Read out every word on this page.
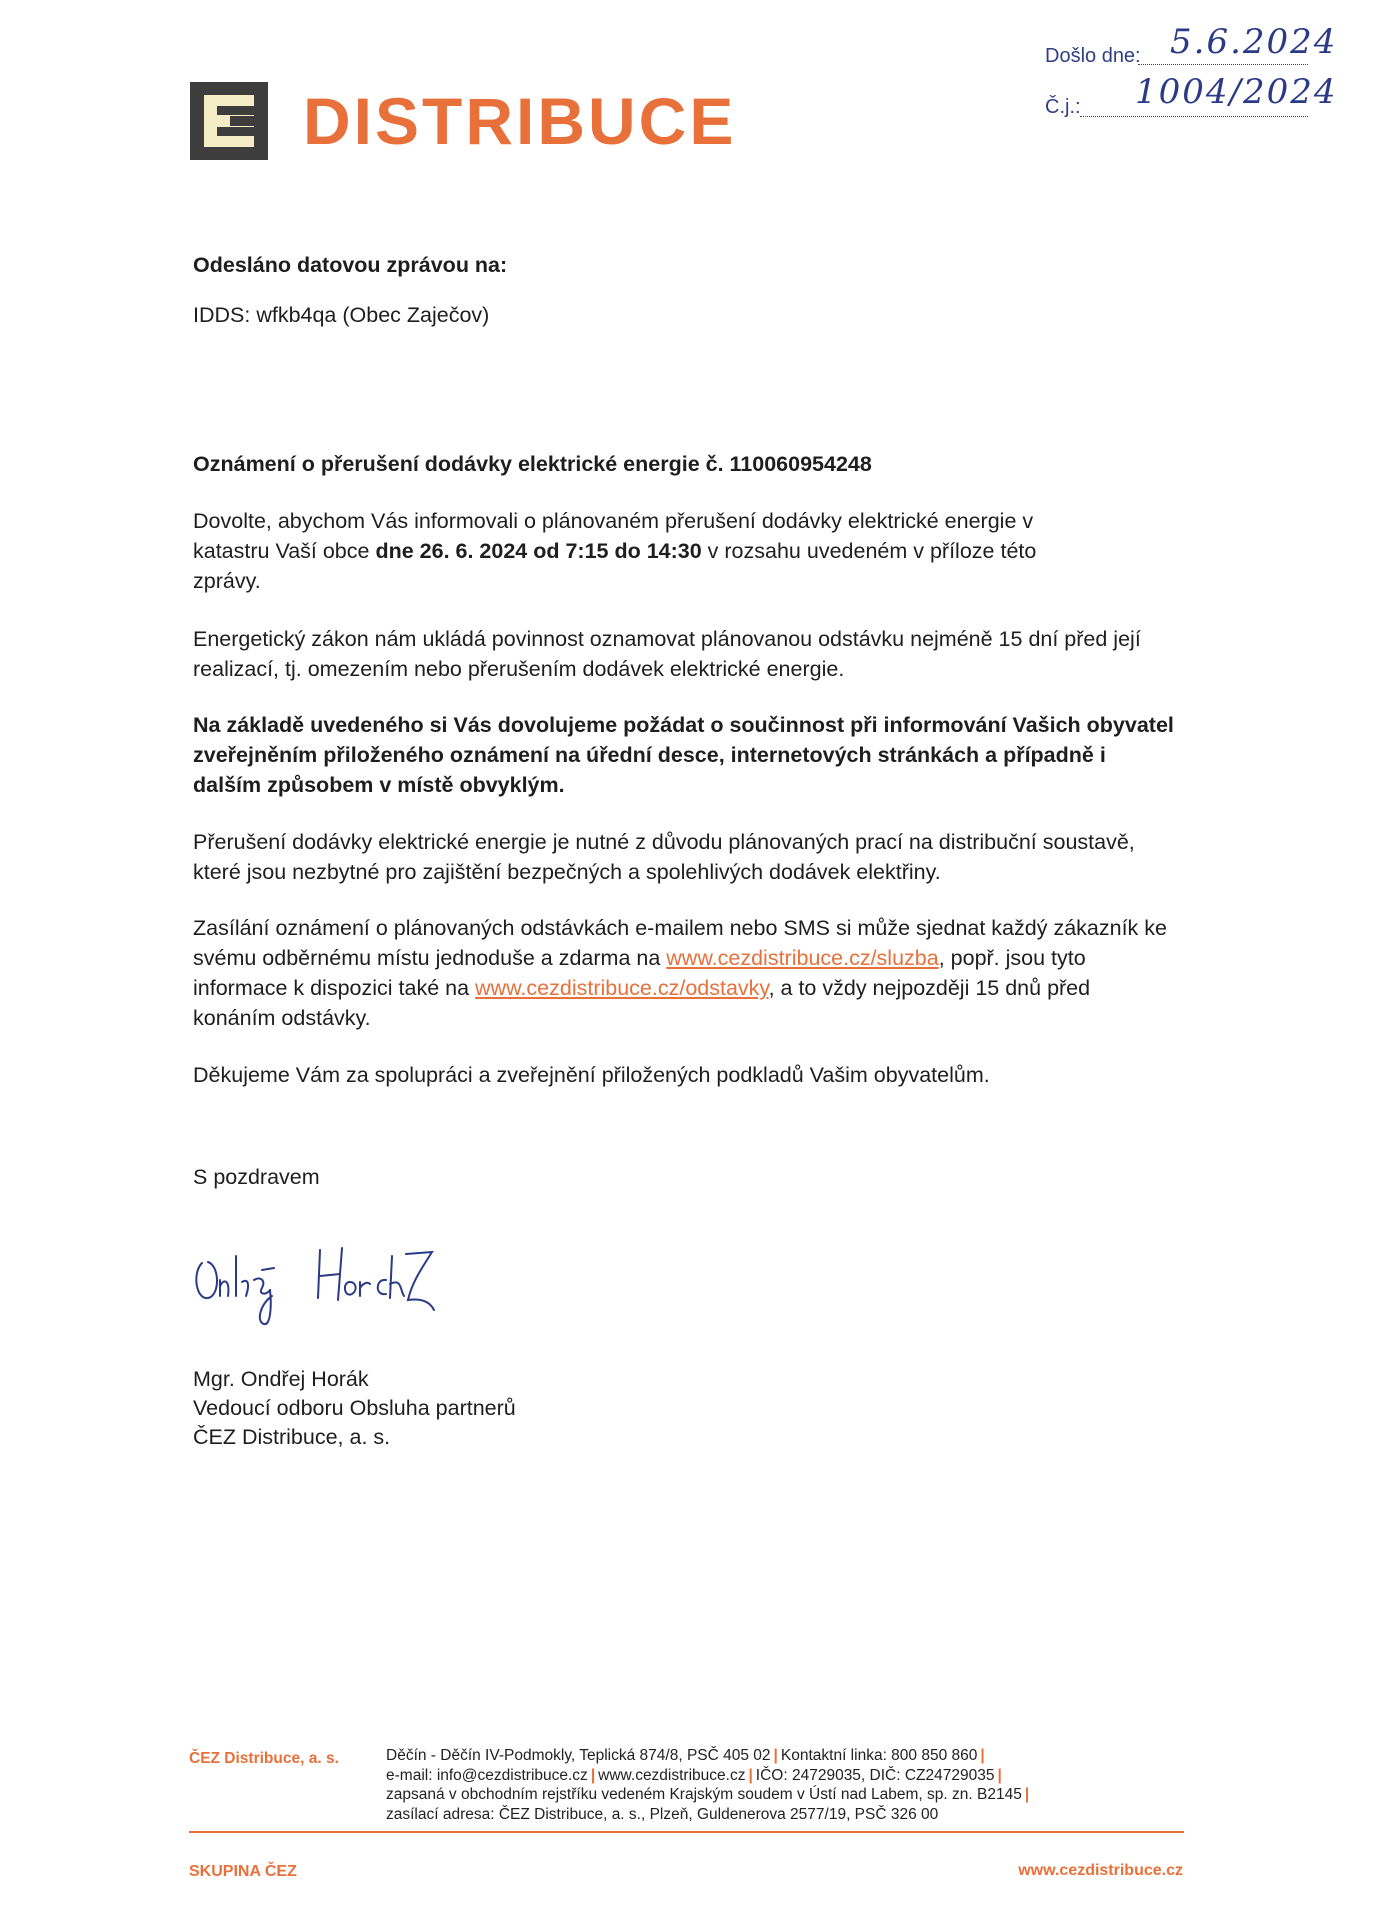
DISTRIBUCE
Došlo dne: 5.6.2024
Č.j.: 1004/2024

Odesláno datovou zprávou na:

IDDS: wfkb4qa (Obec Zaječov)

Oznámení o přerušení dodávky elektrické energie č. 110060954248

Dovolte, abychom Vás informovali o plánovaném přerušení dodávky elektrické energie v katastru Vaší obce dne 26. 6. 2024 od 7:15 do 14:30 v rozsahu uvedeném v příloze této zprávy.

Energetický zákon nám ukládá povinnost oznamovat plánovanou odstávku nejméně 15 dní před její realizací, tj. omezením nebo přerušením dodávek elektrické energie.

Na základě uvedeného si Vás dovolujeme požádat o součinnost při informování Vašich obyvatel zveřejněním přiloženého oznámení na úřední desce, internetových stránkách a případně i dalším způsobem v místě obvyklým.

Přerušení dodávky elektrické energie je nutné z důvodu plánovaných prací na distribuční soustavě, které jsou nezbytné pro zajištění bezpečných a spolehlivých dodávek elektřiny.

Zasílání oznámení o plánovaných odstávkách e-mailem nebo SMS si může sjednat každý zákazník ke svému odběrnému místu jednoduše a zdarma na www.cezdistribuce.cz/sluzba, popř. jsou tyto informace k dispozici také na www.cezdistribuce.cz/odstavky, a to vždy nejpozději 15 dnů před konáním odstávky.

Děkujeme Vám za spolupráci a zveřejnění přiložených podkladů Vašim obyvatelům.

S pozdravem

Mgr. Ondřej Horák

Vedoucí odboru Obsluha partnerů

ČEZ Distribuce, a. s.

ČEZ Distribuce, a. s.	Děčín - Děčín IV-Podmokly, Teplická 874/8, PSČ 405 02 | Kontaktní linka: 800 850 860 |
e-mail: info@cezdistribuce.cz | www.cezdistribuce.cz | IČO: 24729035, DIČ: CZ24729035 |
zapsaná v obchodním rejstříku vedeném Krajským soudem v Ústí nad Labem, sp. zn. B2145 |
zasílací adresa: ČEZ Distribuce, a. s., Plzeň, Guldenerova 2577/19, PSČ 326 00
SKUPINA ČEZ	www.cezdistribuce.cz
